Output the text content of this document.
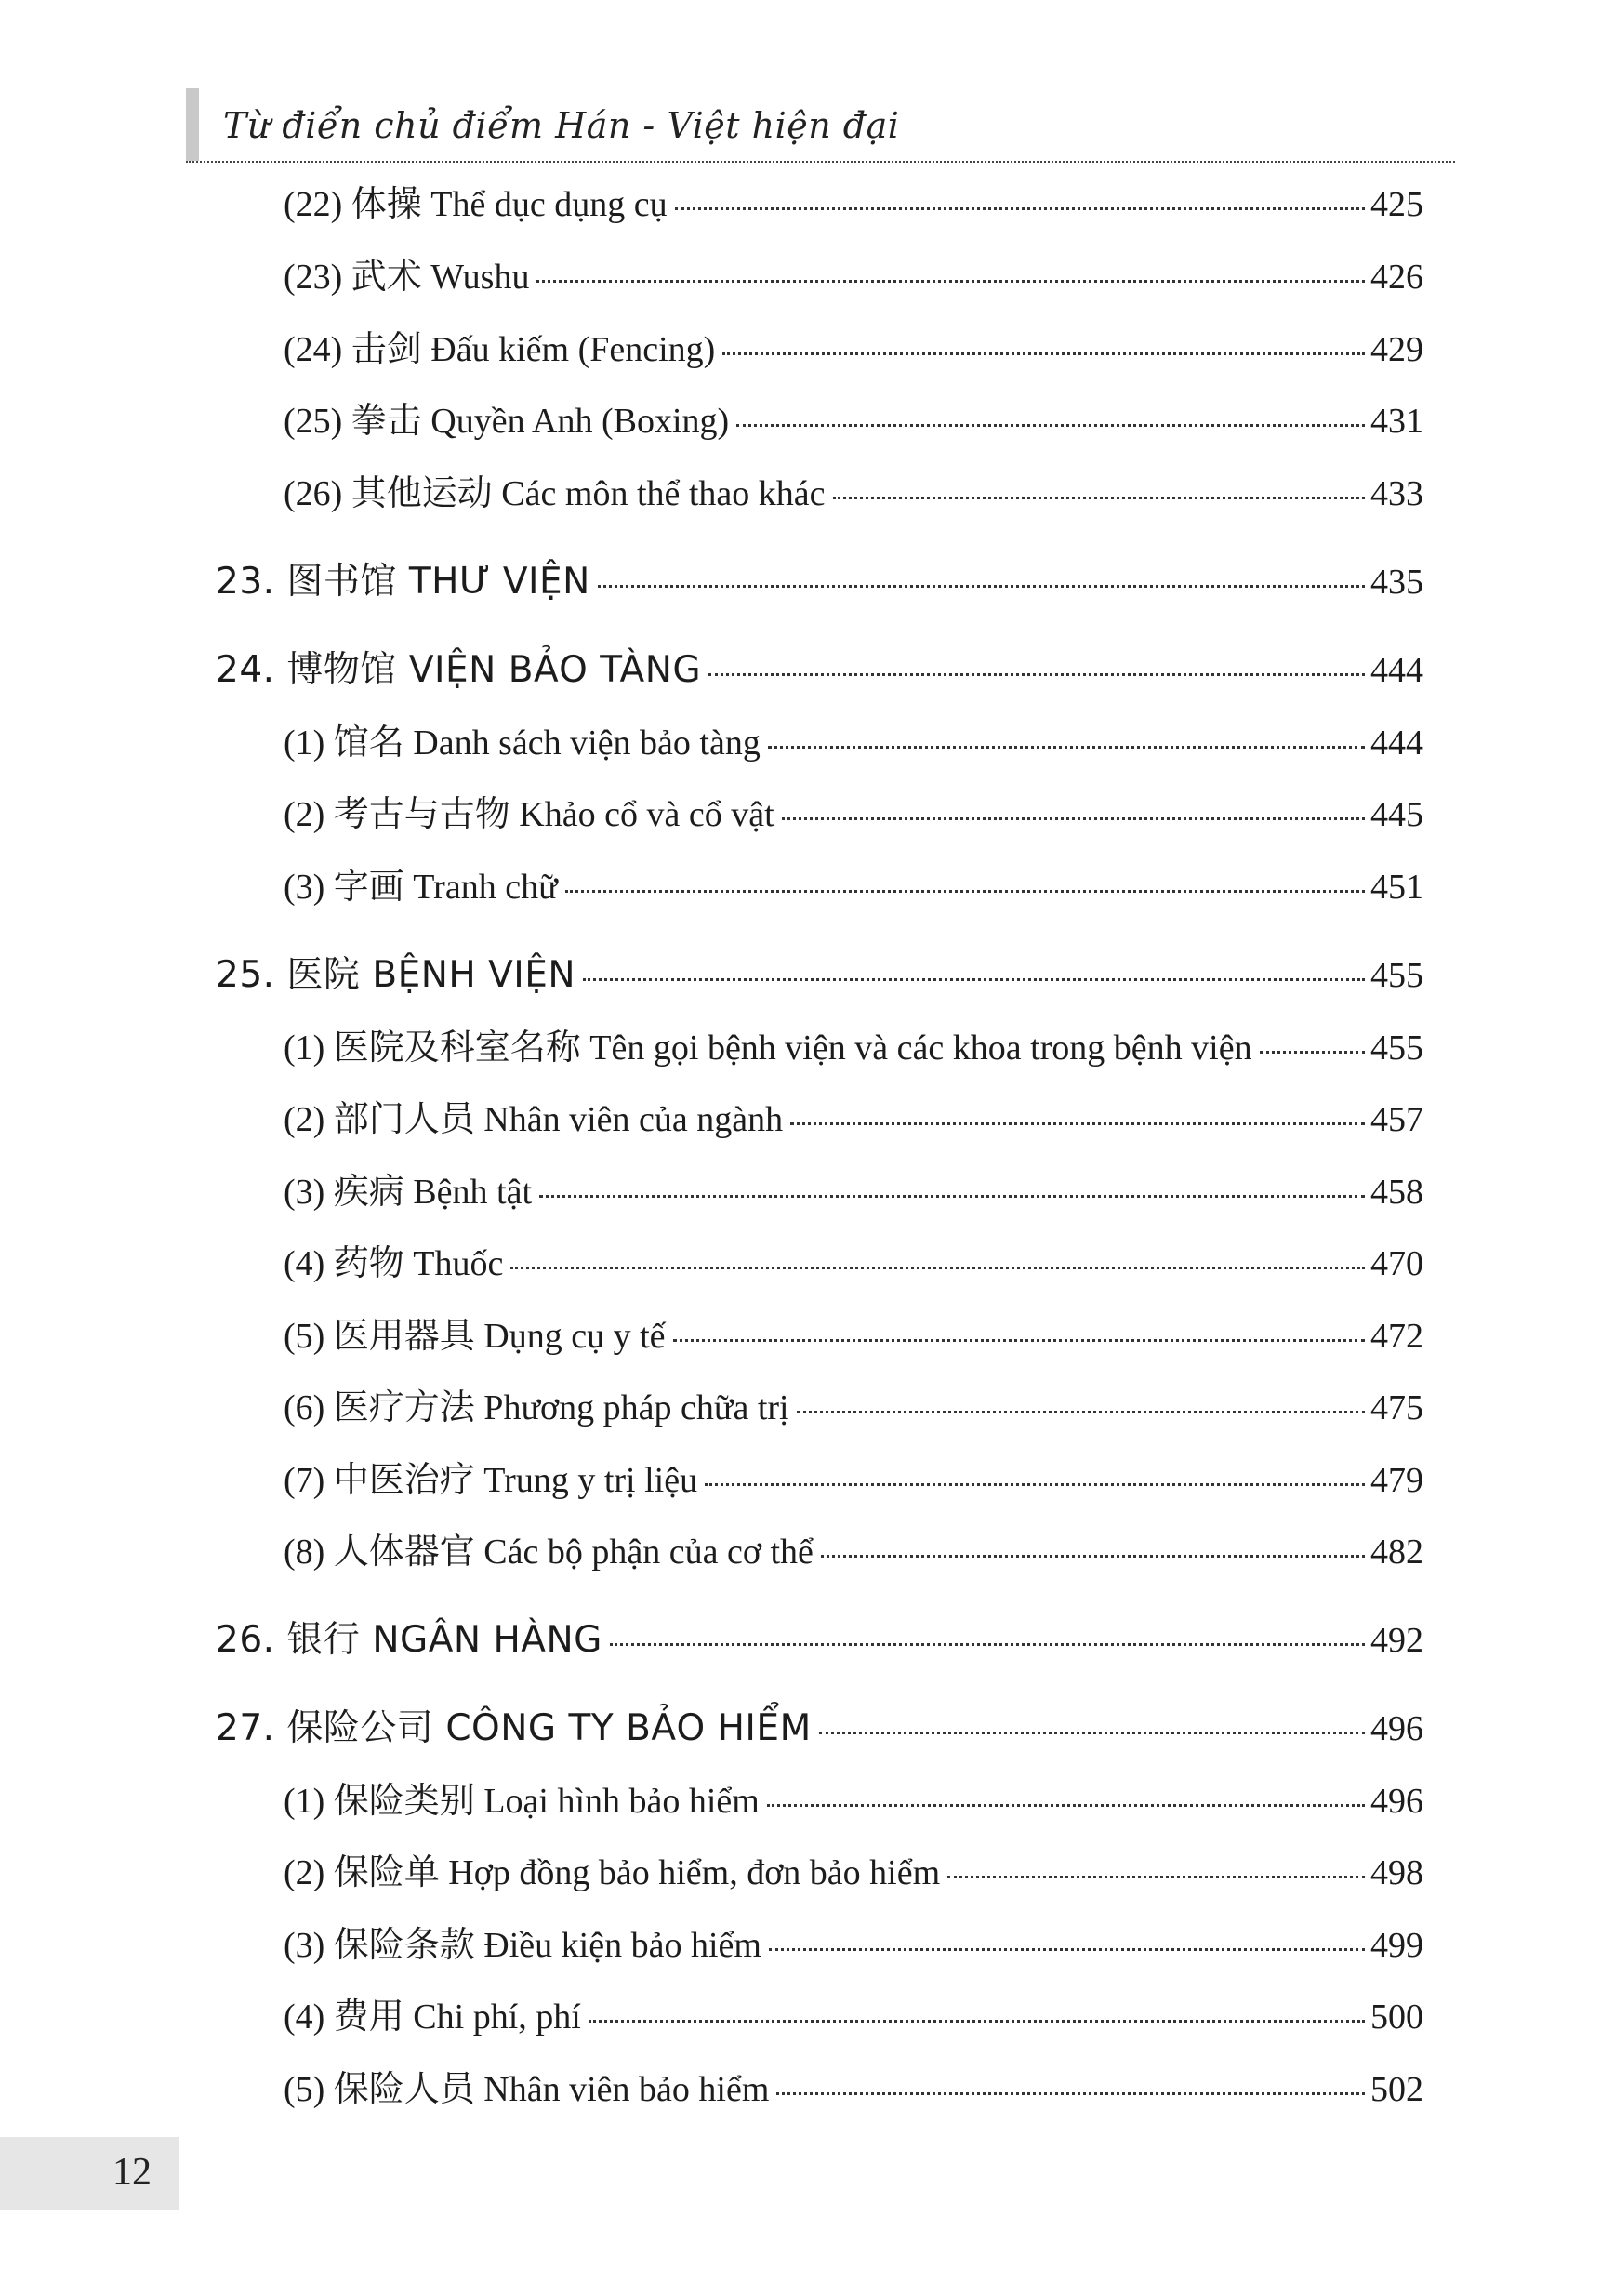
Từ điển chủ điểm Hán - Việt hiện đại
(22) 体操 Thể dục dụng cụ	425
(23) 武术 Wushu	426
(24) 击剑 Đấu kiếm (Fencing)	429
(25) 拳击 Quyền Anh (Boxing)	431
(26) 其他运动 Các môn thể thao khác	433
23. 图书馆 THƯ VIỆN	435
24. 博物馆 VIỆN BẢO TÀNG	444
(1) 馆名 Danh sách viện bảo tàng	444
(2) 考古与古物 Khảo cổ và cổ vật	445
(3) 字画 Tranh chữ	451
25. 医院 BỆNH VIỆN	455
(1) 医院及科室名称 Tên gọi bệnh viện và các khoa trong bệnh viện	455
(2) 部门人员 Nhân viên của ngành	457
(3) 疾病 Bệnh tật	458
(4) 药物 Thuốc	470
(5) 医用器具 Dụng cụ y tế	472
(6) 医疗方法 Phương pháp chữa trị	475
(7) 中医治疗 Trung y trị liệu	479
(8) 人体器官 Các bộ phận của cơ thể	482
26. 银行 NGÂN HÀNG	492
27. 保险公司 CÔNG TY BẢO HIỂM	496
(1) 保险类别 Loại hình bảo hiểm	496
(2) 保险单 Hợp đồng bảo hiểm, đơn bảo hiểm	498
(3) 保险条款 Điều kiện bảo hiểm	499
(4) 费用 Chi phí, phí	500
(5) 保险人员 Nhân viên bảo hiểm	502
12
